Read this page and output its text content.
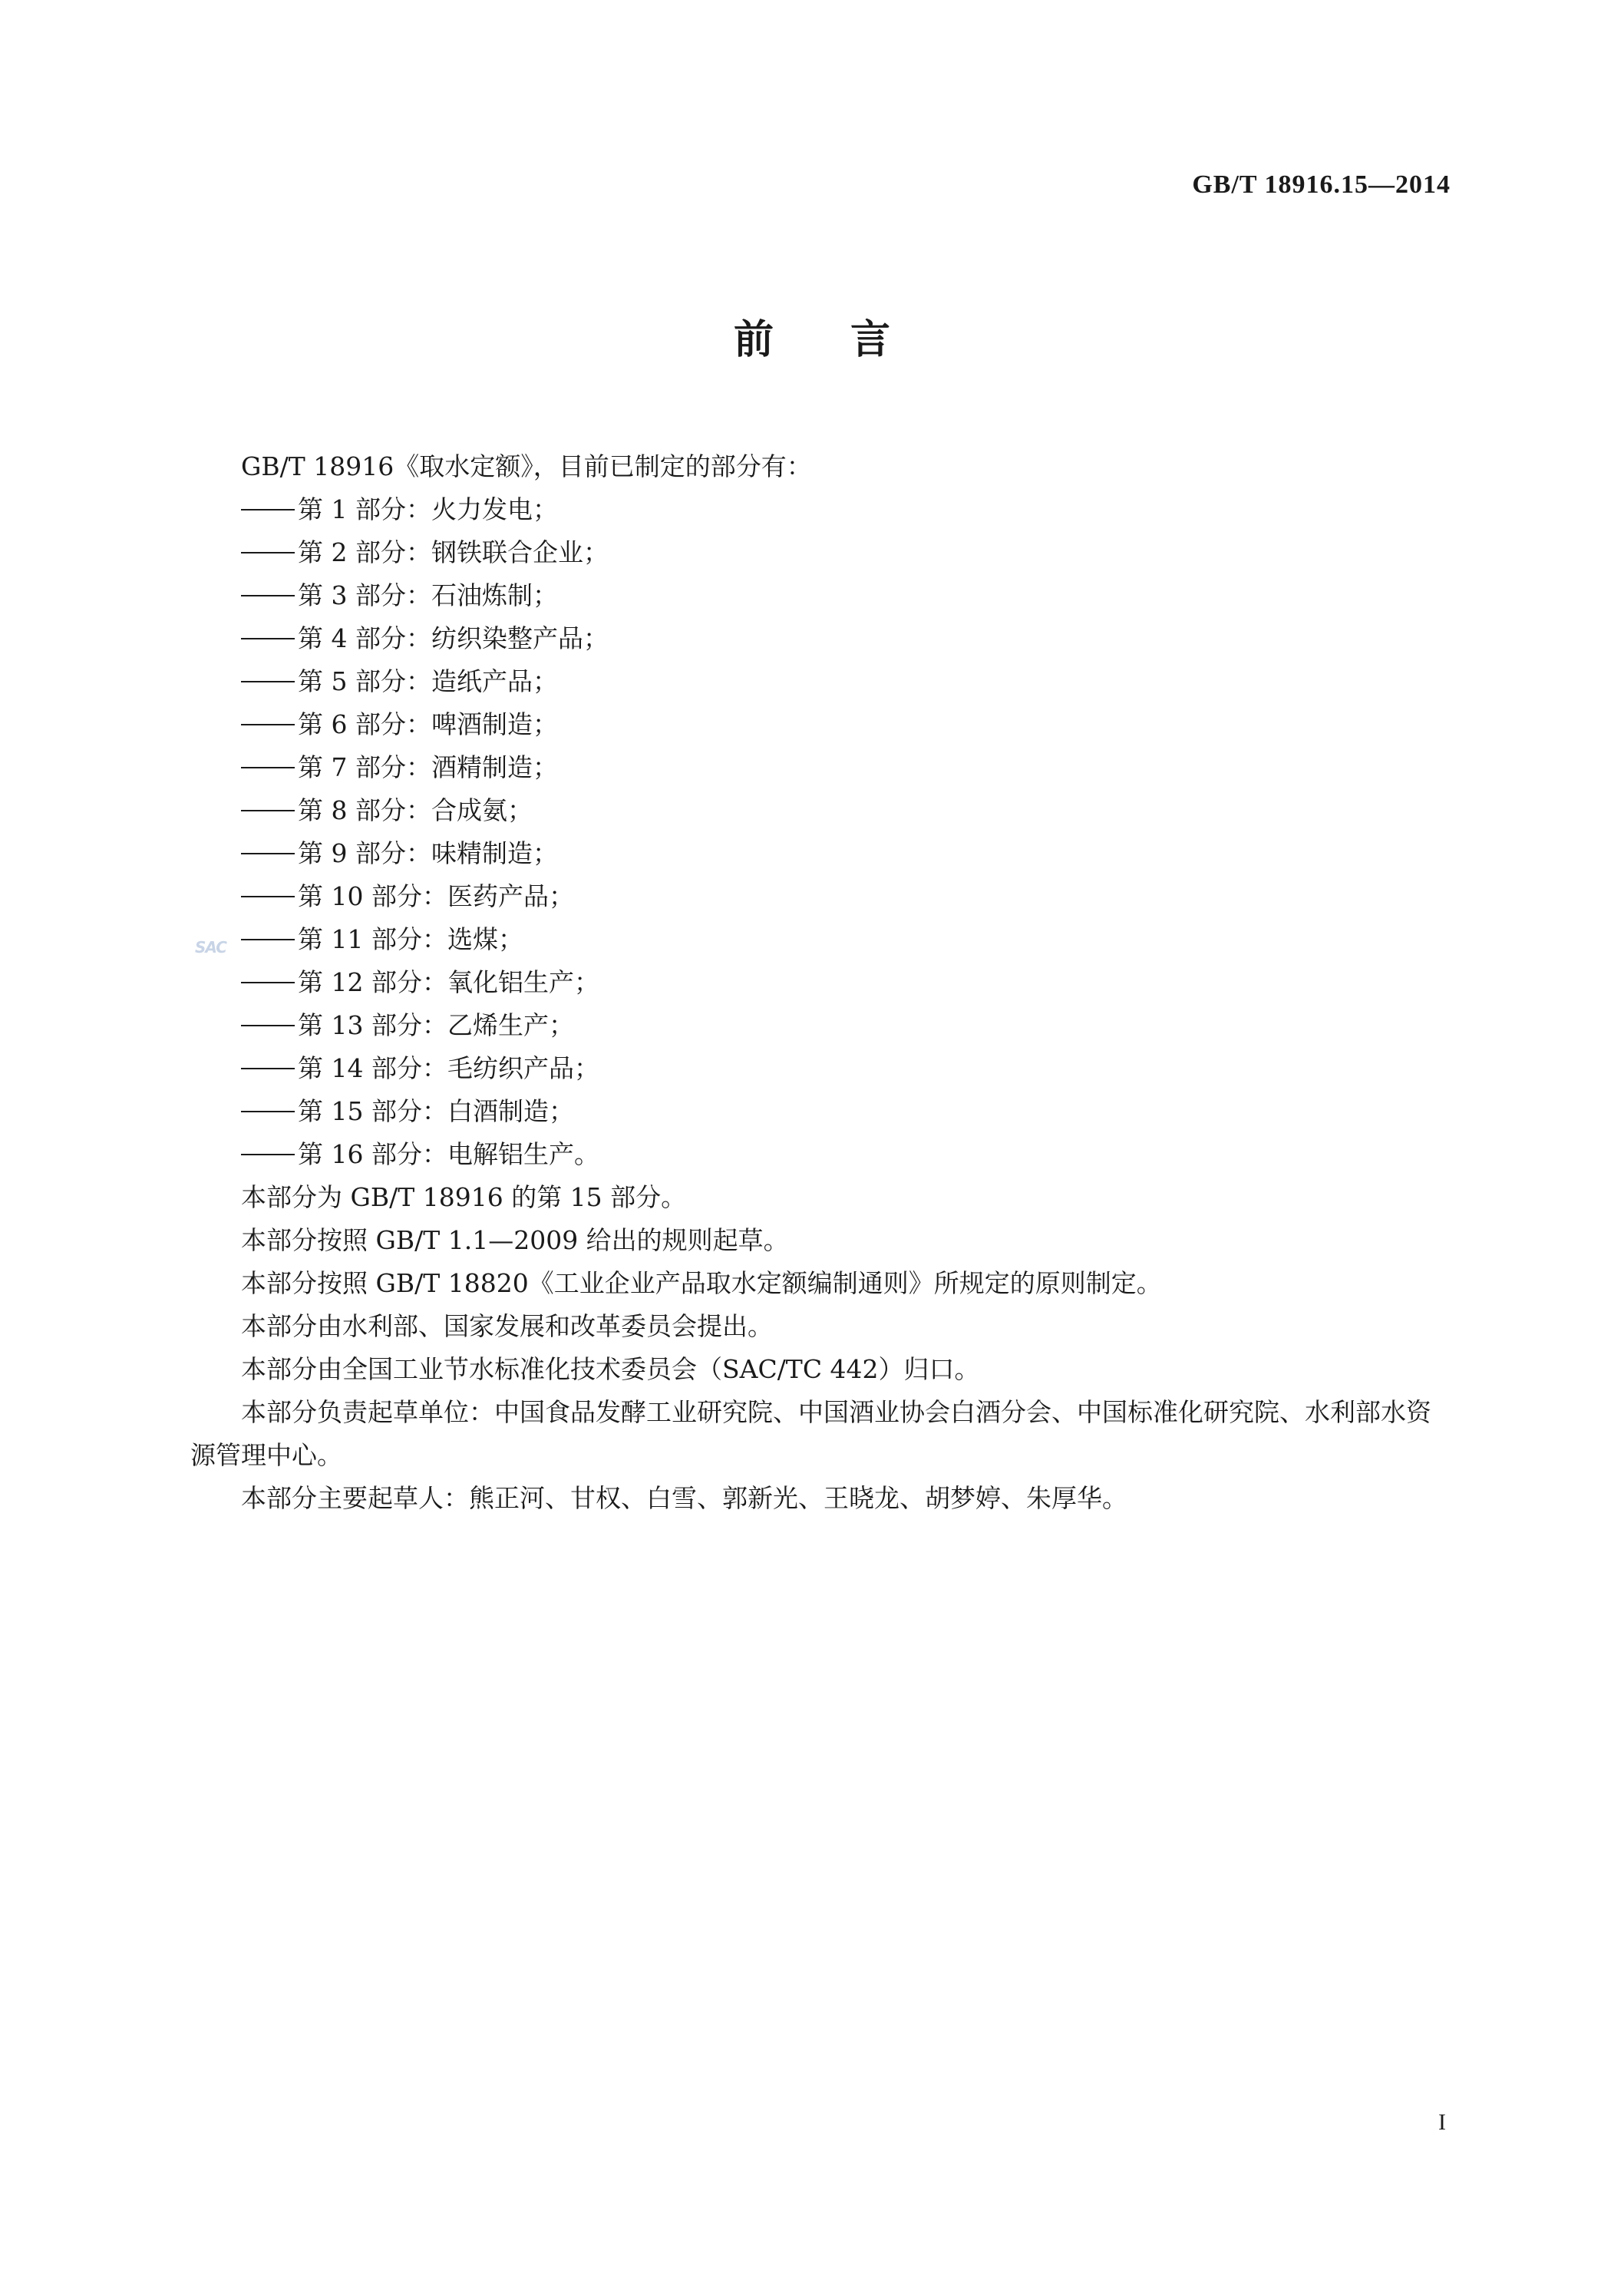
GB/T 18916.15—2014
前言
SAC
GB/T 18916《取水定额》，目前已制定的部分有：
第 1 部分：火力发电；
第 2 部分：钢铁联合企业；
第 3 部分：石油炼制；
第 4 部分：纺织染整产品；
第 5 部分：造纸产品；
第 6 部分：啤酒制造；
第 7 部分：酒精制造；
第 8 部分：合成氨；
第 9 部分：味精制造；
第 10 部分：医药产品；
第 11 部分：选煤；
第 12 部分：氧化铝生产；
第 13 部分：乙烯生产；
第 14 部分：毛纺织产品；
第 15 部分：白酒制造；
第 16 部分：电解铝生产。
本部分为 GB/T 18916 的第 15 部分。
本部分按照 GB/T 1.1—2009 给出的规则起草。
本部分按照 GB/T 18820《工业企业产品取水定额编制通则》所规定的原则制定。
本部分由水利部、国家发展和改革委员会提出。
本部分由全国工业节水标准化技术委员会（SAC/TC 442）归口。
本部分负责起草单位：中国食品发酵工业研究院、中国酒业协会白酒分会、中国标准化研究院、水利部水资源管理中心。
本部分主要起草人：熊正河、甘权、白雪、郭新光、王晓龙、胡梦婷、朱厚华。
I
